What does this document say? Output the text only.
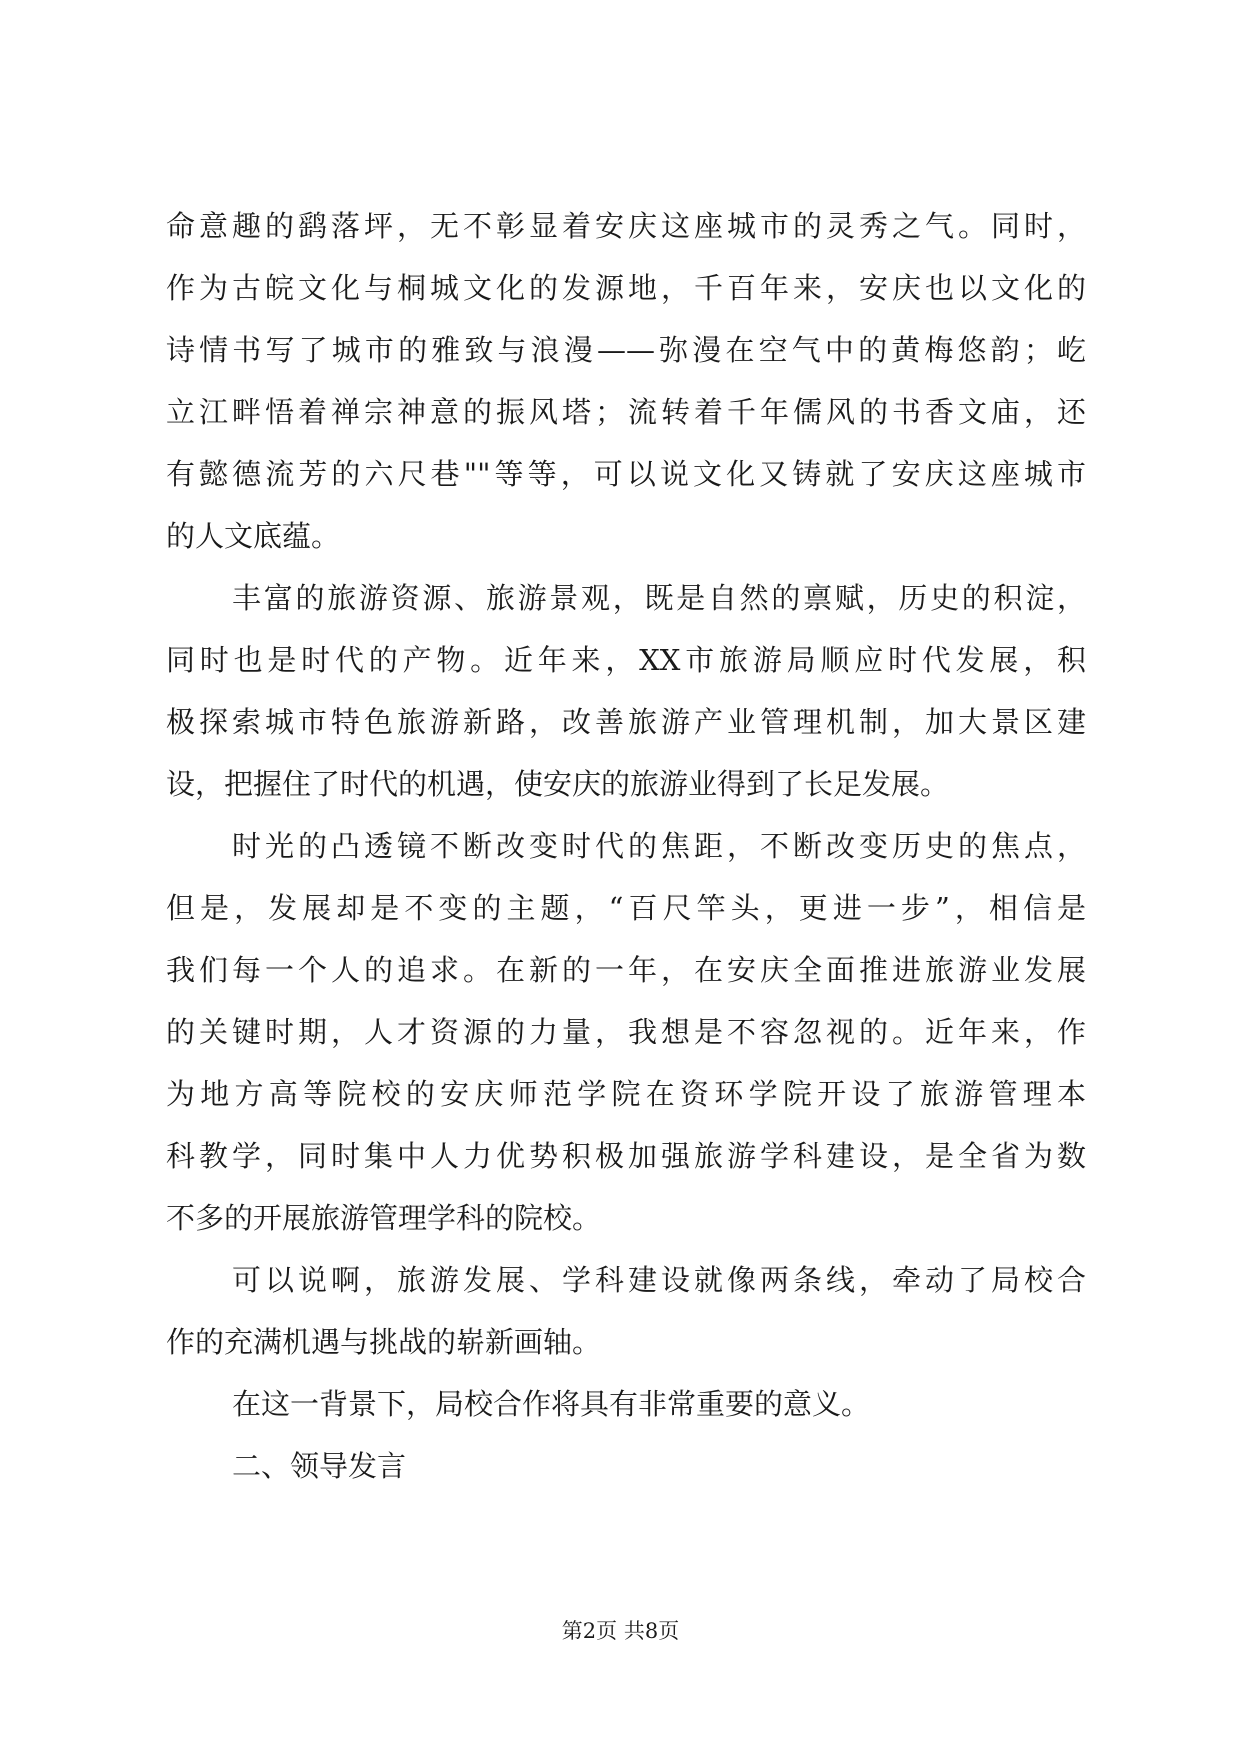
命意趣的鹞落坪，无不彰显着安庆这座城市的灵秀之气。同时，
作为古皖文化与桐城文化的发源地，千百年来，安庆也以文化的
诗情书写了城市的雅致与浪漫——弥漫在空气中的黄梅悠韵；屹
立江畔悟着禅宗神意的振风塔；流转着千年儒风的书香文庙，还
有懿德流芳的六尺巷""等等，可以说文化又铸就了安庆这座城市
的人文底蕴。
丰富的旅游资源、旅游景观，既是自然的禀赋，历史的积淀，
同时也是时代的产物。近年来，XX市旅游局顺应时代发展，积
极探索城市特色旅游新路，改善旅游产业管理机制，加大景区建
设，把握住了时代的机遇，使安庆的旅游业得到了长足发展。
时光的凸透镜不断改变时代的焦距，不断改变历史的焦点，
但是，发展却是不变的主题，“百尺竿头，更进一步”，相信是
我们每一个人的追求。在新的一年，在安庆全面推进旅游业发展
的关键时期，人才资源的力量，我想是不容忽视的。近年来，作
为地方高等院校的安庆师范学院在资环学院开设了旅游管理本
科教学，同时集中人力优势积极加强旅游学科建设，是全省为数
不多的开展旅游管理学科的院校。
可以说啊，旅游发展、学科建设就像两条线，牵动了局校合
作的充满机遇与挑战的崭新画轴。
在这一背景下，局校合作将具有非常重要的意义。
二、领导发言
第2页 共8页
